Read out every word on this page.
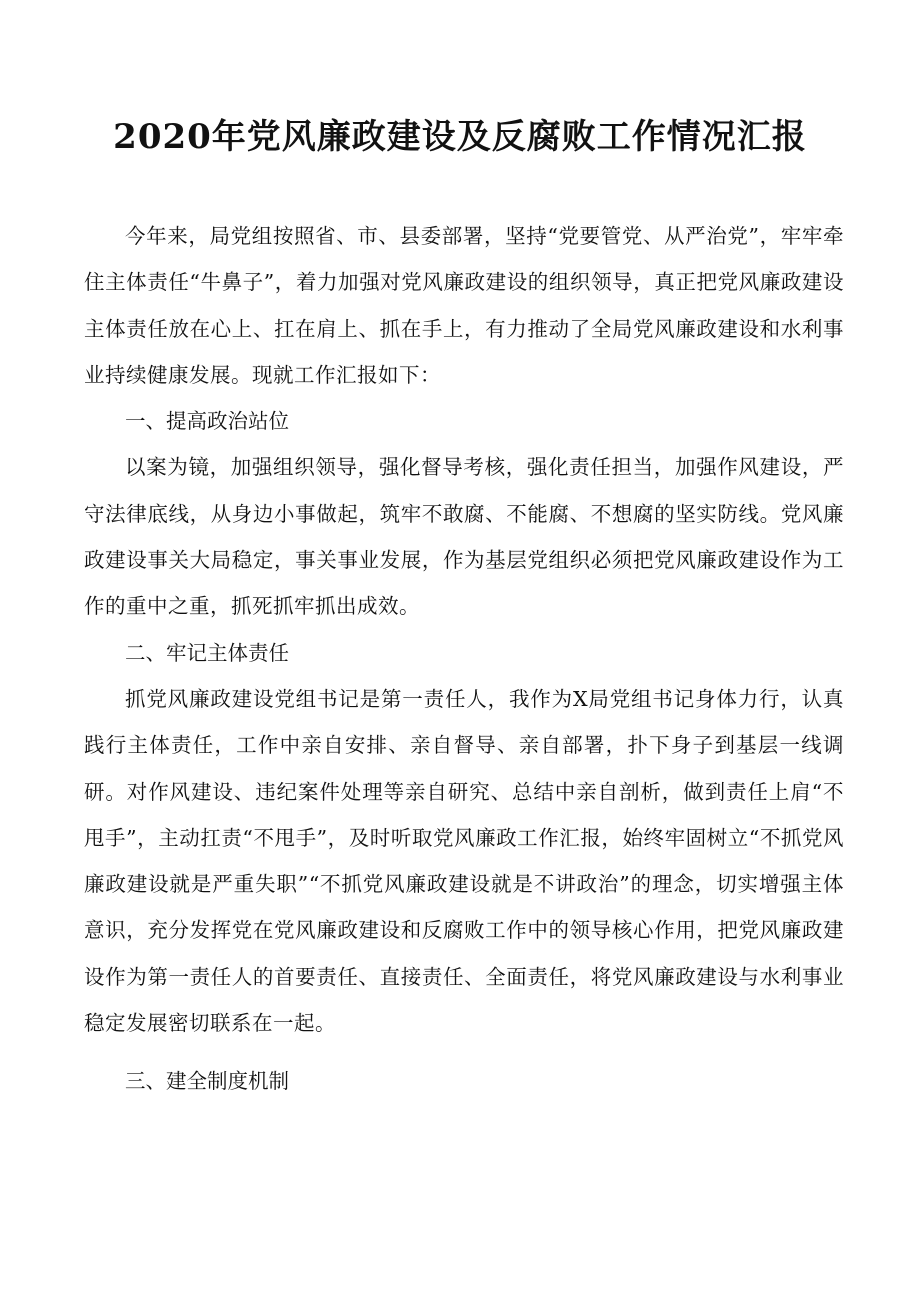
2020年党风廉政建设及反腐败工作情况汇报

今年来，局党组按照省、市、县委部署，坚持“党要管党、从严治党”，牢牢牵住主体责任“牛鼻子”，着力加强对党风廉政建设的组织领导，真正把党风廉政建设主体责任放在心上、扛在肩上、抓在手上，有力推动了全局党风廉政建设和水利事业持续健康发展。现就工作汇报如下：

一、提高政治站位

以案为镜，加强组织领导，强化督导考核，强化责任担当，加强作风建设，严守法律底线，从身边小事做起，筑牢不敢腐、不能腐、不想腐的坚实防线。党风廉政建设事关大局稳定，事关事业发展，作为基层党组织必须把党风廉政建设作为工作的重中之重，抓死抓牢抓出成效。

二、牢记主体责任

抓党风廉政建设党组书记是第一责任人，我作为X局党组书记身体力行，认真践行主体责任，工作中亲自安排、亲自督导、亲自部署，扑下身子到基层一线调研。对作风建设、违纪案件处理等亲自研究、总结中亲自剖析，做到责任上肩“不甩手”，主动扛责“不甩手”，及时听取党风廉政工作汇报，始终牢固树立“不抓党风廉政建设就是严重失职”“不抓党风廉政建设就是不讲政治”的理念，切实增强主体意识，充分发挥党在党风廉政建设和反腐败工作中的领导核心作用，把党风廉政建设作为第一责任人的首要责任、直接责任、全面责任，将党风廉政建设与水利事业稳定发展密切联系在一起。

三、建全制度机制
